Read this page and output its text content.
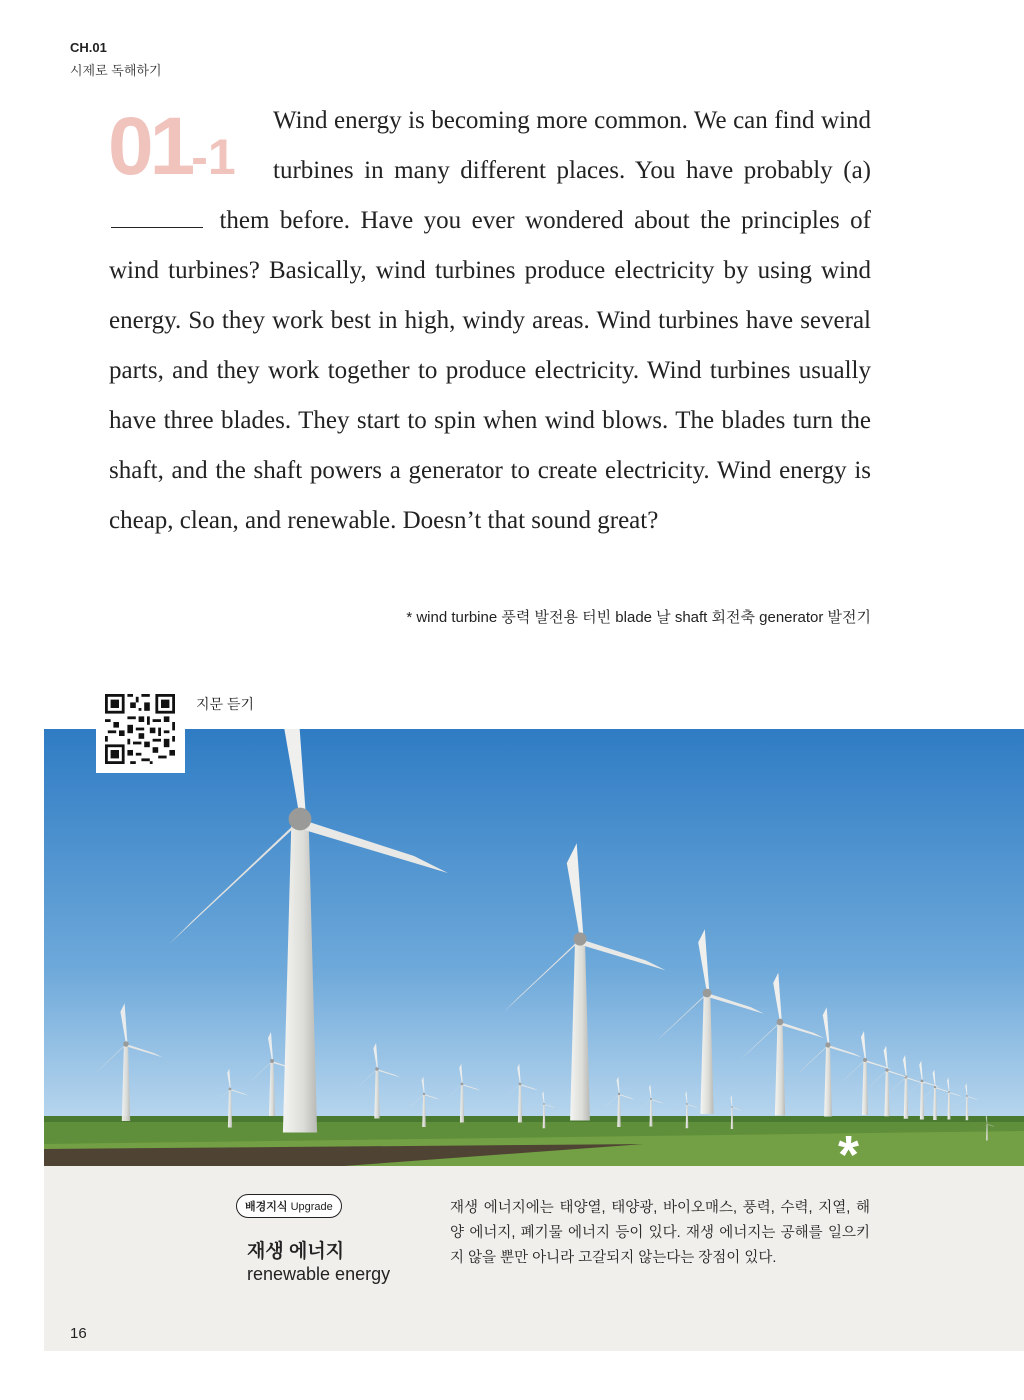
CH.01
시제로 독해하기
01-1
Wind energy is becoming more common. We can find wind turbines in many different places. You have probably (a) them before. Have you ever wondered about the principles of wind turbines? Basically, wind turbines produce electricity by using wind energy. So they work best in high, windy areas. Wind turbines have several parts, and they work together to produce electricity. Wind turbines usually have three blades. They start to spin when wind blows. The blades turn the shaft, and the shaft powers a generator to create electricity. Wind energy is cheap, clean, and renewable. Doesn’t that sound great?
* wind turbine 풍력 발전용 터빈 blade 날 shaft 회전축 generator 발전기
지문 듣기
*
배경지식 Upgrade
재생 에너지
renewable energy
재생 에너지에는 태양열, 태양광, 바이오매스, 풍력, 수력, 지열, 해양 에너지, 폐기물 에너지 등이 있다. 재생 에너지는 공해를 일으키지 않을 뿐만 아니라 고갈되지 않는다는 장점이 있다.
16
